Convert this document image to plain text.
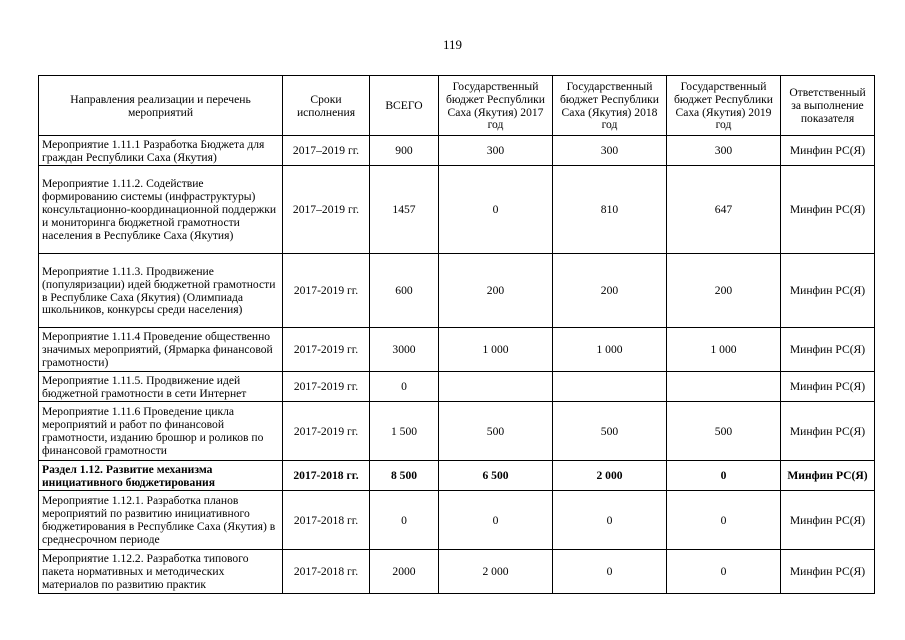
119
Направления реализации и перечень мероприятий	Сроки исполнения	ВСЕГО	Государственный бюджет Республики Саха (Якутия) 2017 год	Государственный бюджет Республики Саха (Якутия) 2018 год	Государственный бюджет Республики Саха (Якутия) 2019 год	Ответственный за выполнение показателя
Мероприятие 1.11.1 Разработка Бюджета для граждан Республики Саха (Якутия)	2017–2019 гг.	900	300	300	300	Минфин РС(Я)
Мероприятие 1.11.2. Содействие формированию системы (инфраструктуры) консультационно-координационной поддержки и мониторинга бюджетной грамотности населения в Республике Саха (Якутия)	2017–2019 гг.	1457	0	810	647	Минфин РС(Я)
Мероприятие 1.11.3. Продвижение (популяризации) идей бюджетной грамотности в Республике Саха (Якутия) (Олимпиада школьников, конкурсы среди населения)	2017-2019 гг.	600	200	200	200	Минфин РС(Я)
Мероприятие 1.11.4 Проведение общественно значимых мероприятий, (Ярмарка финансовой грамотности)	2017-2019 гг.	3000	1 000	1 000	1 000	Минфин РС(Я)
Мероприятие 1.11.5. Продвижение идей бюджетной грамотности в сети Интернет	2017-2019 гг.	0				Минфин РС(Я)
Мероприятие 1.11.6 Проведение цикла мероприятий и работ по финансовой грамотности, изданию брошюр и роликов по финансовой грамотности	2017-2019 гг.	1 500	500	500	500	Минфин РС(Я)
Раздел 1.12. Развитие механизма инициативного бюджетирования	2017-2018 гг.	8 500	6 500	2 000	0	Минфин РС(Я)
Мероприятие 1.12.1. Разработка планов мероприятий по развитию инициативного бюджетирования в Республике Саха (Якутия) в среднесрочном периоде	2017-2018 гг.	0	0	0	0	Минфин РС(Я)
Мероприятие 1.12.2. Разработка типового пакета нормативных и методических материалов по развитию практик	2017-2018 гг.	2000	2 000	0	0	Минфин РС(Я)
